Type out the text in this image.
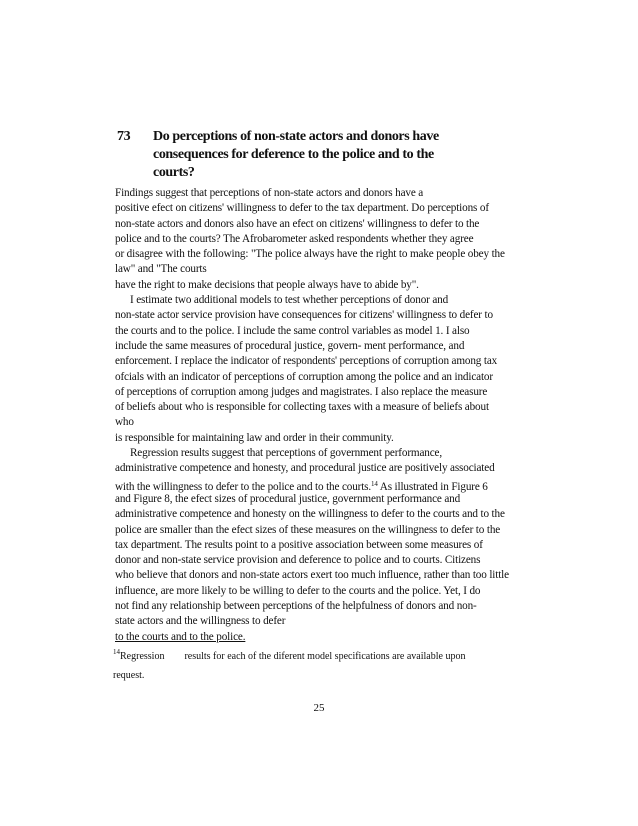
73 Do perceptions of non-state actors and donors have
consequences for deference to the police and to the
courts?
Findings suggest that perceptions of non-state actors and donors have a
positive efect on citizens' willingness to defer to the tax department. Do perceptions of
non-state actors and donors also have an efect on citizens' willingness to defer to the
police and to the courts? The Afrobarometer asked respondents whether they agree
or disagree with the following: "The police always have the right to make people obey the
law" and "The courts
have the right to make decisions that people always have to abide by".
I estimate two additional models to test whether perceptions of donor and
non-state actor service provision have consequences for citizens' willingness to defer to
the courts and to the police. I include the same control variables as model 1. I also
include the same measures of procedural justice, govern- ment performance, and
enforcement. I replace the indicator of respondents' perceptions of corruption among tax
ofcials with an indicator of perceptions of corruption among the police and an indicator
of perceptions of corruption among judges and magistrates. I also replace the measure
of beliefs about who is responsible for collecting taxes with a measure of beliefs about
who
is responsible for maintaining law and order in their community.
Regression results suggest that perceptions of government performance,
administrative competence and honesty, and procedural justice are positively associated
with the willingness to defer to the police and to the courts.$^{14}$ As illustrated in Figure 6
and Figure 8, the efect sizes of procedural justice, government performance and
administrative competence and honesty on the willingness to defer to the courts and to the
police are smaller than the efect sizes of these measures on the willingness to defer to the
tax department. The results point to a positive association between some measures of
donor and non-state service provision and deference to police and to courts. Citizens
who believe that donors and non-state actors exert too much influence, rather than too little
influence, are more likely to be willing to defer to the courts and the police. Yet, I do
not find any relationship between perceptions of the helpfulness of donors and non-
state actors and the willingness to defer
to the courts and to the police.
$^{14}$Regression results for each of the diferent model specifications are available upon
request.
25
